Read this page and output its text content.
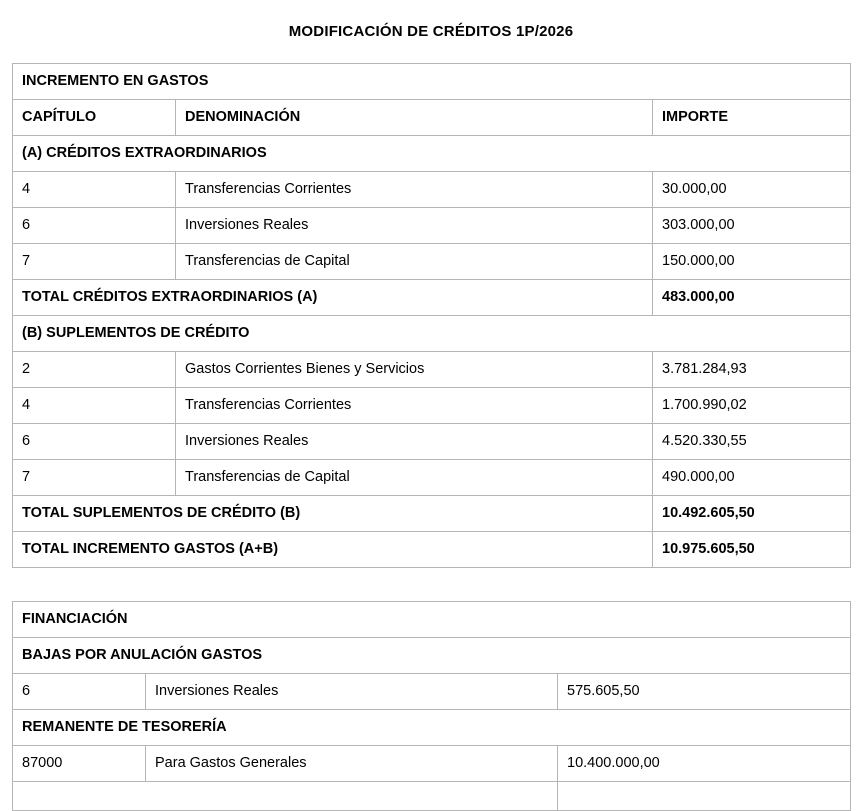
MODIFICACIÓN DE CRÉDITOS 1P/2026
INCREMENTO EN GASTOS		
CAPÍTULO	DENOMINACIÓN	IMPORTE
(A) CRÉDITOS EXTRAORDINARIOS		
4	Transferencias Corrientes	30.000,00
6	Inversiones Reales	303.000,00
7	Transferencias de Capital	150.000,00
TOTAL CRÉDITOS EXTRAORDINARIOS (A)		483.000,00
(B) SUPLEMENTOS DE CRÉDITO		
2	Gastos Corrientes Bienes y Servicios	3.781.284,93
4	Transferencias Corrientes	1.700.990,02
6	Inversiones Reales	4.520.330,55
7	Transferencias de Capital	490.000,00
TOTAL SUPLEMENTOS DE CRÉDITO (B)		10.492.605,50
TOTAL INCREMENTO GASTOS (A+B)		10.975.605,50
FINANCIACIÓN		
BAJAS POR ANULACIÓN GASTOS		
6	Inversiones Reales	575.605,50
REMANENTE DE TESORERÍA		
87000	Para Gastos Generales	10.400.000,00
